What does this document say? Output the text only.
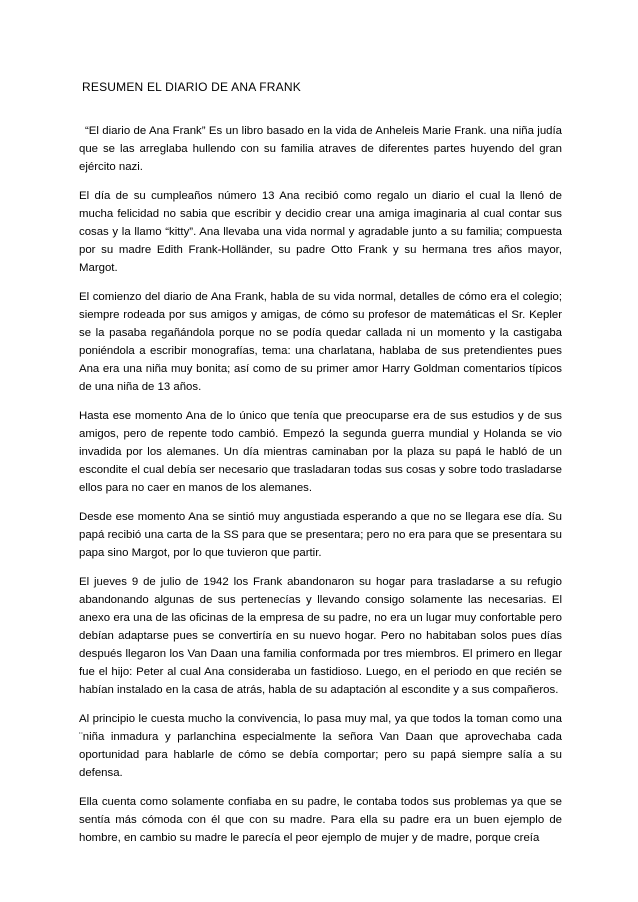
RESUMEN EL DIARIO DE ANA FRANK

“El diario de Ana Frank” Es un libro basado en la vida de Anheleis Marie Frank. una niña judía que se las arreglaba hullendo con su familia atraves de diferentes partes huyendo del gran ejército nazi.

El día de su cumpleaños número 13 Ana recibió como regalo un diario el cual la llenó de mucha felicidad no sabia que escribir y decidio crear una amiga imaginaria al cual contar sus cosas y la llamo “kitty”. Ana llevaba una vida normal y agradable junto a su familia; compuesta por su madre Edith Frank-Holländer, su padre Otto Frank y su hermana tres años mayor, Margot.

El comienzo del diario de Ana Frank, habla de su vida normal, detalles de cómo era el colegio; siempre rodeada por sus amigos y amigas, de cómo su profesor de matemáticas el Sr. Kepler se la pasaba regañándola porque no se podía quedar callada ni un momento y la castigaba poniéndola a escribir monografías, tema: una charlatana, hablaba de sus pretendientes pues Ana era una niña muy bonita; así como de su primer amor Harry Goldman comentarios típicos de una niña de 13 años.

Hasta ese momento Ana de lo único que tenía que preocuparse era de sus estudios y de sus amigos, pero de repente todo cambió. Empezó la segunda guerra mundial y Holanda se vio invadida por los alemanes. Un día mientras caminaban por la plaza su papá le habló de un escondite el cual debía ser necesario que trasladaran todas sus cosas y sobre todo trasladarse ellos para no caer en manos de los alemanes.

Desde ese momento Ana se sintió muy angustiada esperando a que no se llegara ese día. Su papá recibió una carta de la SS para que se presentara; pero no era para que se presentara su papa sino Margot, por lo que tuvieron que partir.

El jueves 9 de julio de 1942 los Frank abandonaron su hogar para trasladarse a su refugio abandonando algunas de sus pertenecías y llevando consigo solamente las necesarias. El anexo era una de las oficinas de la empresa de su padre, no era un lugar muy confortable pero debían adaptarse pues se convertiría en su nuevo hogar. Pero no habitaban solos pues días después llegaron los Van Daan una familia conformada por tres miembros. El primero en llegar fue el hijo: Peter al cual Ana consideraba un fastidioso. Luego, en el periodo en que recién se habían instalado en la casa de atrás, habla de su adaptación al escondite y a sus compañeros.

Al principio le cuesta mucho la convivencia, lo pasa muy mal, ya que todos la toman como una ¨niña inmadura y parlanchina especialmente la señora Van Daan que aprovechaba cada oportunidad para hablarle de cómo se debía comportar; pero su papá siempre salía a su defensa.

Ella cuenta como solamente confiaba en su padre, le contaba todos sus problemas ya que se sentía más cómoda con él que con su madre. Para ella su padre era un buen ejemplo de hombre, en cambio su madre le parecía el peor ejemplo de mujer y de madre, porque creía
